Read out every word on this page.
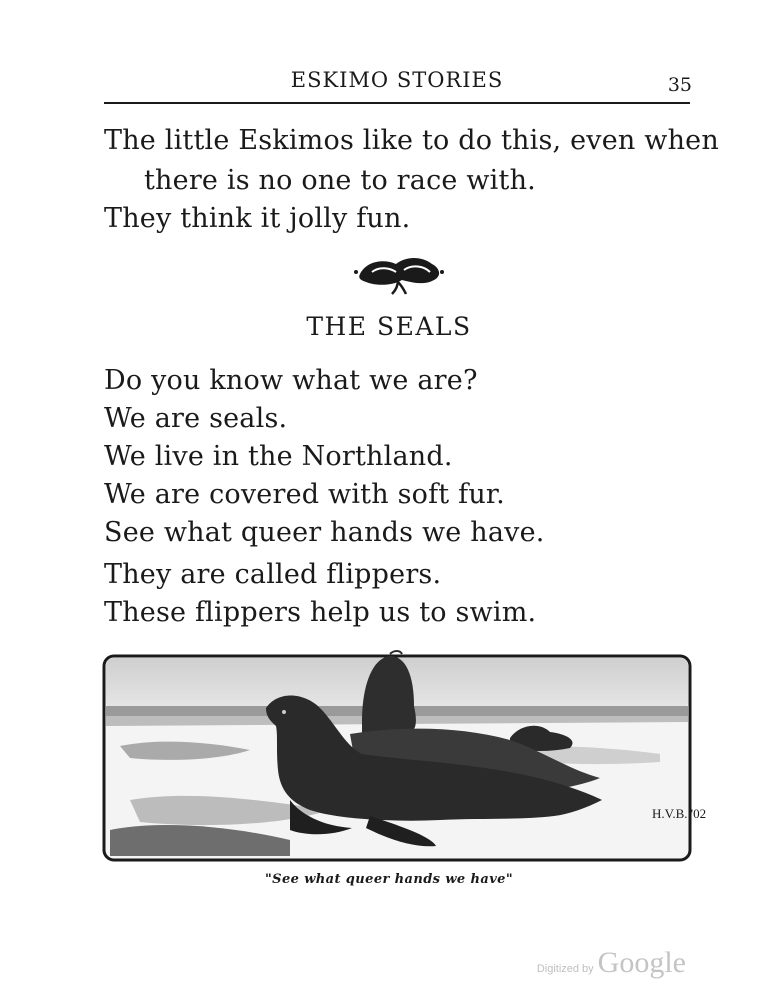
ESKIMO STORIES	35
The little Eskimos like to do this, even when
there is no one to race with.
They think it jolly fun.
THE SEALS
Do you know what we are?
We are seals.
We live in the Northland.
We are covered with soft fur.
See what queer hands we have.
They are called flippers.
These flippers help us to swim.
H.V.B. '02
"See what queer hands we have"
Digitized by Google
